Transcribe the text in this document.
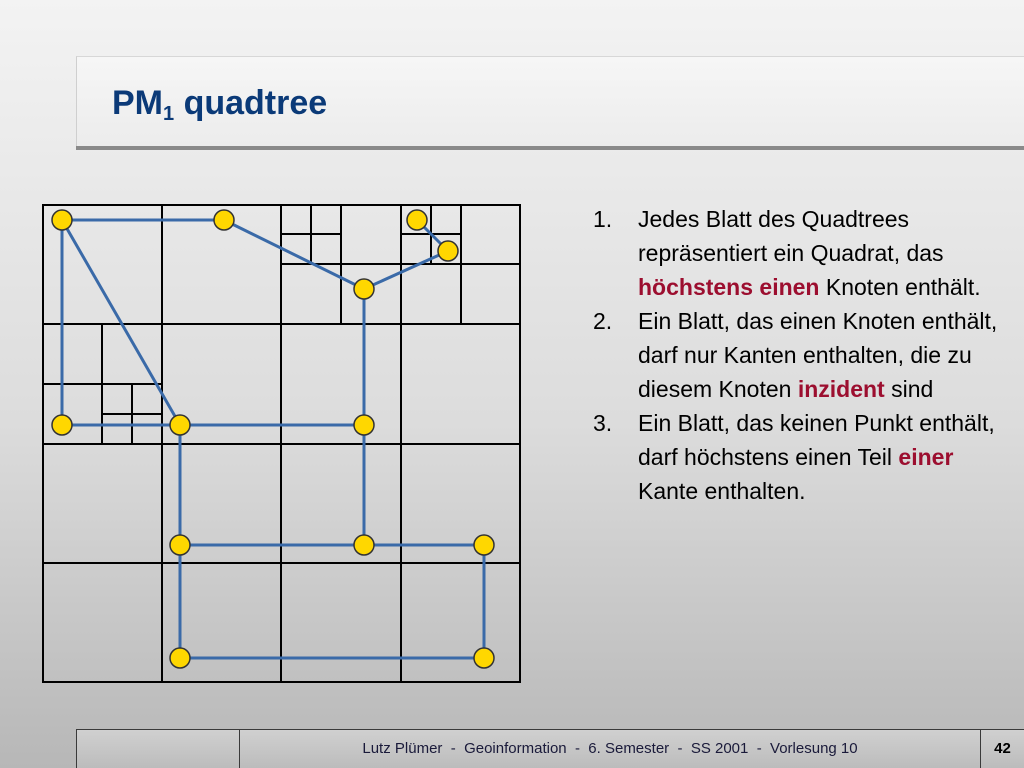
$PM_1$ quadtree
1.	Jedes Blatt des Quadtrees repräsentiert ein Quadrat, das höchstens einen Knoten enthält.
2.	Ein Blatt, das einen Knoten enthält, darf nur Kanten enthalten, die zu diesem Knoten inzident sind
3.	Ein Blatt, das keinen Punkt enthält, darf höchstens einen Teil einer Kante enthalten.
Lutz Plümer  -  Geoinformation  -  6. Semester  -  SS 2001  -  Vorlesung 10	42
